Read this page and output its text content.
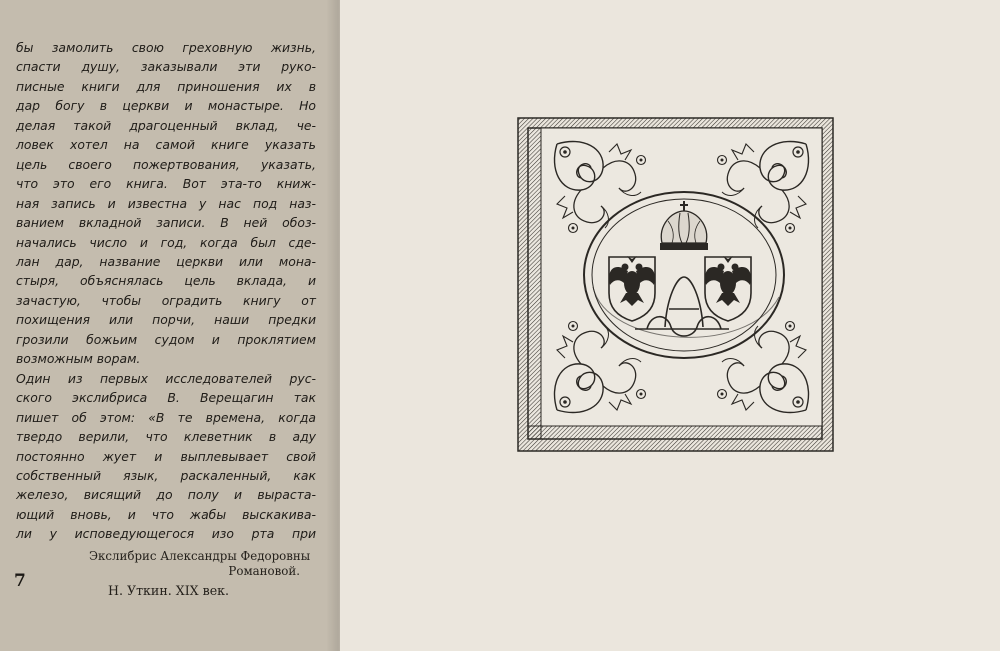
бы замолить свою греховную жизнь,
спасти душу, заказывали эти руко-
писные книги для приношения их в
дар богу в церкви и монастыре. Но
делая такой драгоценный вклад, че-
ловек хотел на самой книге указать
цель своего пожертвования, указать,
что это его книга. Вот эта-то книж-
ная запись и известна у нас под наз-
ванием вкладной записи. В ней обоз-
начались число и год, когда был сде-
лан дар, название церкви или мона-
стыря, объяснялась цель вклада, и
зачастую, чтобы оградить книгу от
похищения или порчи, наши предки
грозили божьим судом и проклятием
возможным ворам.
Один из первых исследователей рус-
ского экслибриса В. Верещагин так
пишет об этом: «В те времена, когда
твердо верили, что клеветник в аду
постоянно жует и выплевывает свой
собственный язык, раскаленный, как
железо, висящий до полу и выраста-
ющий вновь, и что жабы выскакива-
ли у исповедующегося изо рта при
Экслибрис Александры Федоровны
Романовой.
Н. Уткин. XIX век.
7
